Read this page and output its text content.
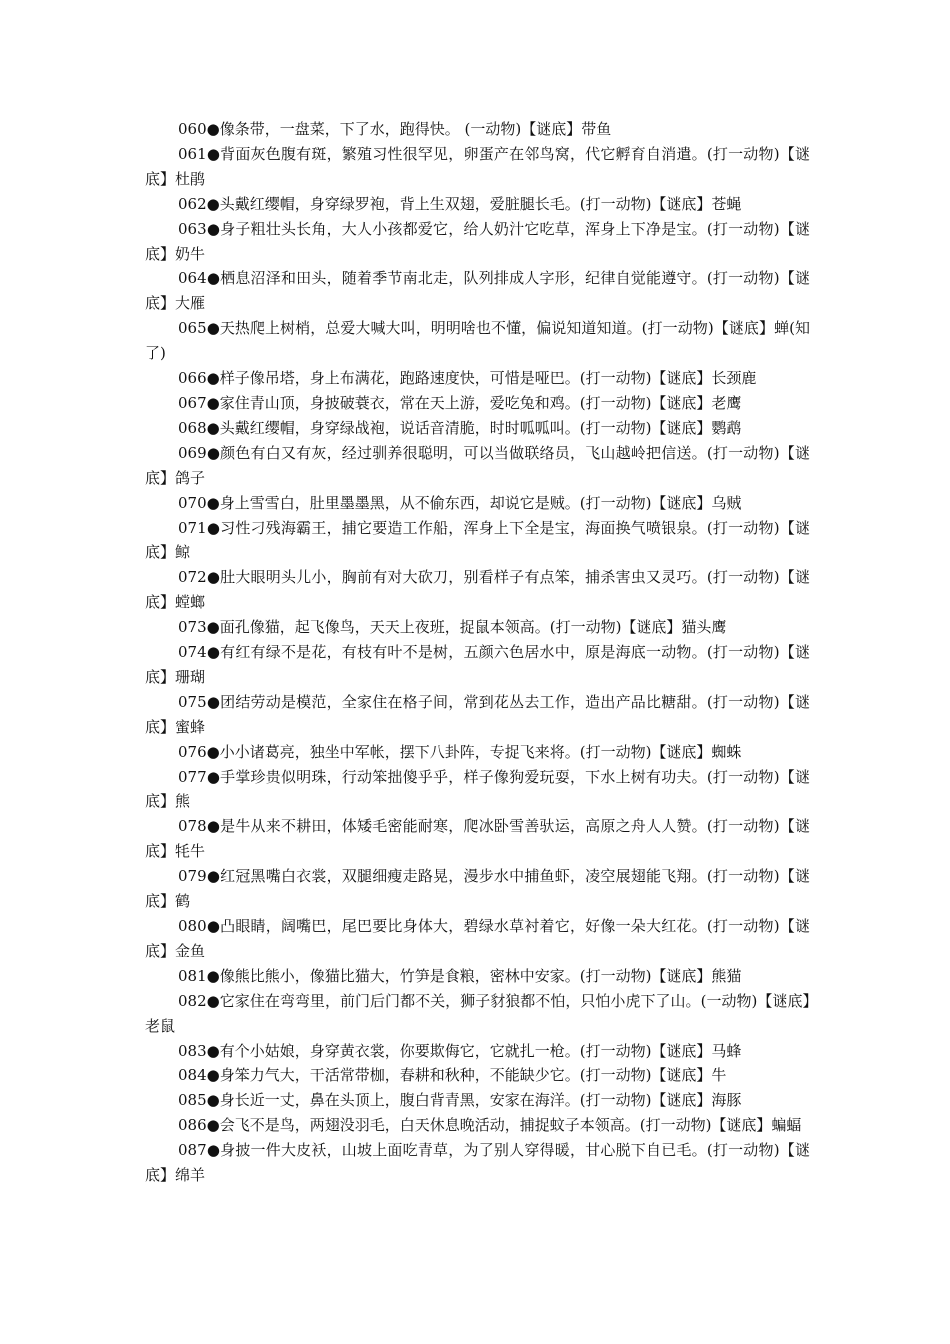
060●像条带，一盘菜，下了水，跑得快。 (一动物)【谜底】带鱼

061●背面灰色腹有斑，繁殖习性很罕见，卵蛋产在邻鸟窝，代它孵育自消遣。(打一动物)【谜底】杜鹃

062●头戴红缨帽，身穿绿罗袍，背上生双翅，爱脏腿长毛。(打一动物)【谜底】苍蝇

063●身子粗壮头长角，大人小孩都爱它，给人奶汁它吃草，浑身上下净是宝。(打一动物)【谜底】奶牛

064●栖息沼泽和田头，随着季节南北走，队列排成人字形，纪律自觉能遵守。(打一动物)【谜底】大雁

065●天热爬上树梢，总爱大喊大叫，明明啥也不懂，偏说知道知道。(打一动物)【谜底】蝉(知了)

066●样子像吊塔，身上布满花，跑路速度快，可惜是哑巴。(打一动物)【谜底】长颈鹿

067●家住青山顶，身披破蓑衣，常在天上游，爱吃兔和鸡。(打一动物)【谜底】老鹰

068●头戴红缨帽，身穿绿战袍，说话音清脆，时时呱呱叫。(打一动物)【谜底】鹦鹉

069●颜色有白又有灰，经过驯养很聪明，可以当做联络员，飞山越岭把信送。(打一动物)【谜底】鸽子

070●身上雪雪白，肚里墨墨黑，从不偷东西，却说它是贼。(打一动物)【谜底】乌贼

071●习性刁残海霸王，捕它要造工作船，浑身上下全是宝，海面换气喷银泉。(打一动物)【谜底】鲸

072●肚大眼明头儿小，胸前有对大砍刀，别看样子有点笨，捕杀害虫又灵巧。(打一动物)【谜底】螳螂

073●面孔像猫，起飞像鸟，天天上夜班，捉鼠本领高。(打一动物)【谜底】猫头鹰

074●有红有绿不是花，有枝有叶不是树，五颜六色居水中，原是海底一动物。(打一动物)【谜底】珊瑚

075●团结劳动是模范，全家住在格子间，常到花丛去工作，造出产品比糖甜。(打一动物)【谜底】蜜蜂

076●小小诸葛亮，独坐中军帐，摆下八卦阵，专捉飞来将。(打一动物)【谜底】蜘蛛

077●手掌珍贵似明珠，行动笨拙傻乎乎，样子像狗爱玩耍，下水上树有功夫。(打一动物)【谜底】熊

078●是牛从来不耕田，体矮毛密能耐寒，爬冰卧雪善驮运，高原之舟人人赞。(打一动物)【谜底】牦牛

079●红冠黑嘴白衣裳，双腿细瘦走路晃，漫步水中捕鱼虾，凌空展翅能飞翔。(打一动物)【谜底】鹤

080●凸眼睛，阔嘴巴，尾巴要比身体大，碧绿水草衬着它，好像一朵大红花。(打一动物)【谜底】金鱼

081●像熊比熊小，像猫比猫大，竹笋是食粮，密林中安家。(打一动物)【谜底】熊猫

082●它家住在弯弯里，前门后门都不关，狮子豺狼都不怕，只怕小虎下了山。(一动物)【谜底】老鼠

083●有个小姑娘，身穿黄衣裳，你要欺侮它，它就扎一枪。(打一动物)【谜底】马蜂

084●身笨力气大，干活常带枷，春耕和秋种，不能缺少它。(打一动物)【谜底】牛

085●身长近一丈，鼻在头顶上，腹白背青黑，安家在海洋。(打一动物)【谜底】海豚

086●会飞不是鸟，两翅没羽毛，白天休息晚活动，捕捉蚊子本领高。(打一动物)【谜底】蝙蝠

087●身披一件大皮袄，山坡上面吃青草，为了别人穿得暖，甘心脱下自已毛。(打一动物)【谜底】绵羊
